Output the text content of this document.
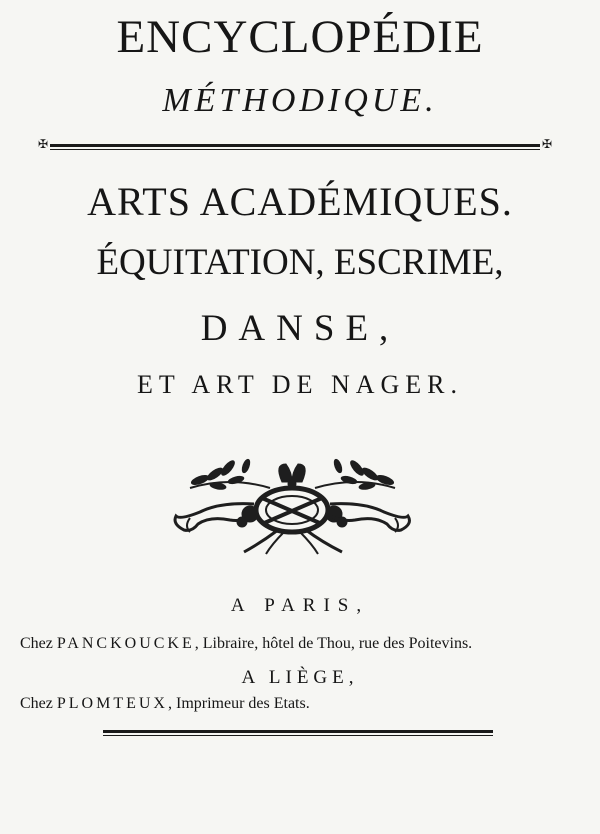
ENCYCLOPÉDIE
MÉTHODIQUE.
✠	✠
ARTS ACADÉMIQUES.
ÉQUITATION, ESCRIME,
DANSE,
ET ART DE NAGER.
A PARIS,
Chez PANCKOUCKE, Libraire, hôtel de Thou, rue des Poitevins.
A LIÈGE,
Chez PLOMTEUX, Imprimeur des Etats.
